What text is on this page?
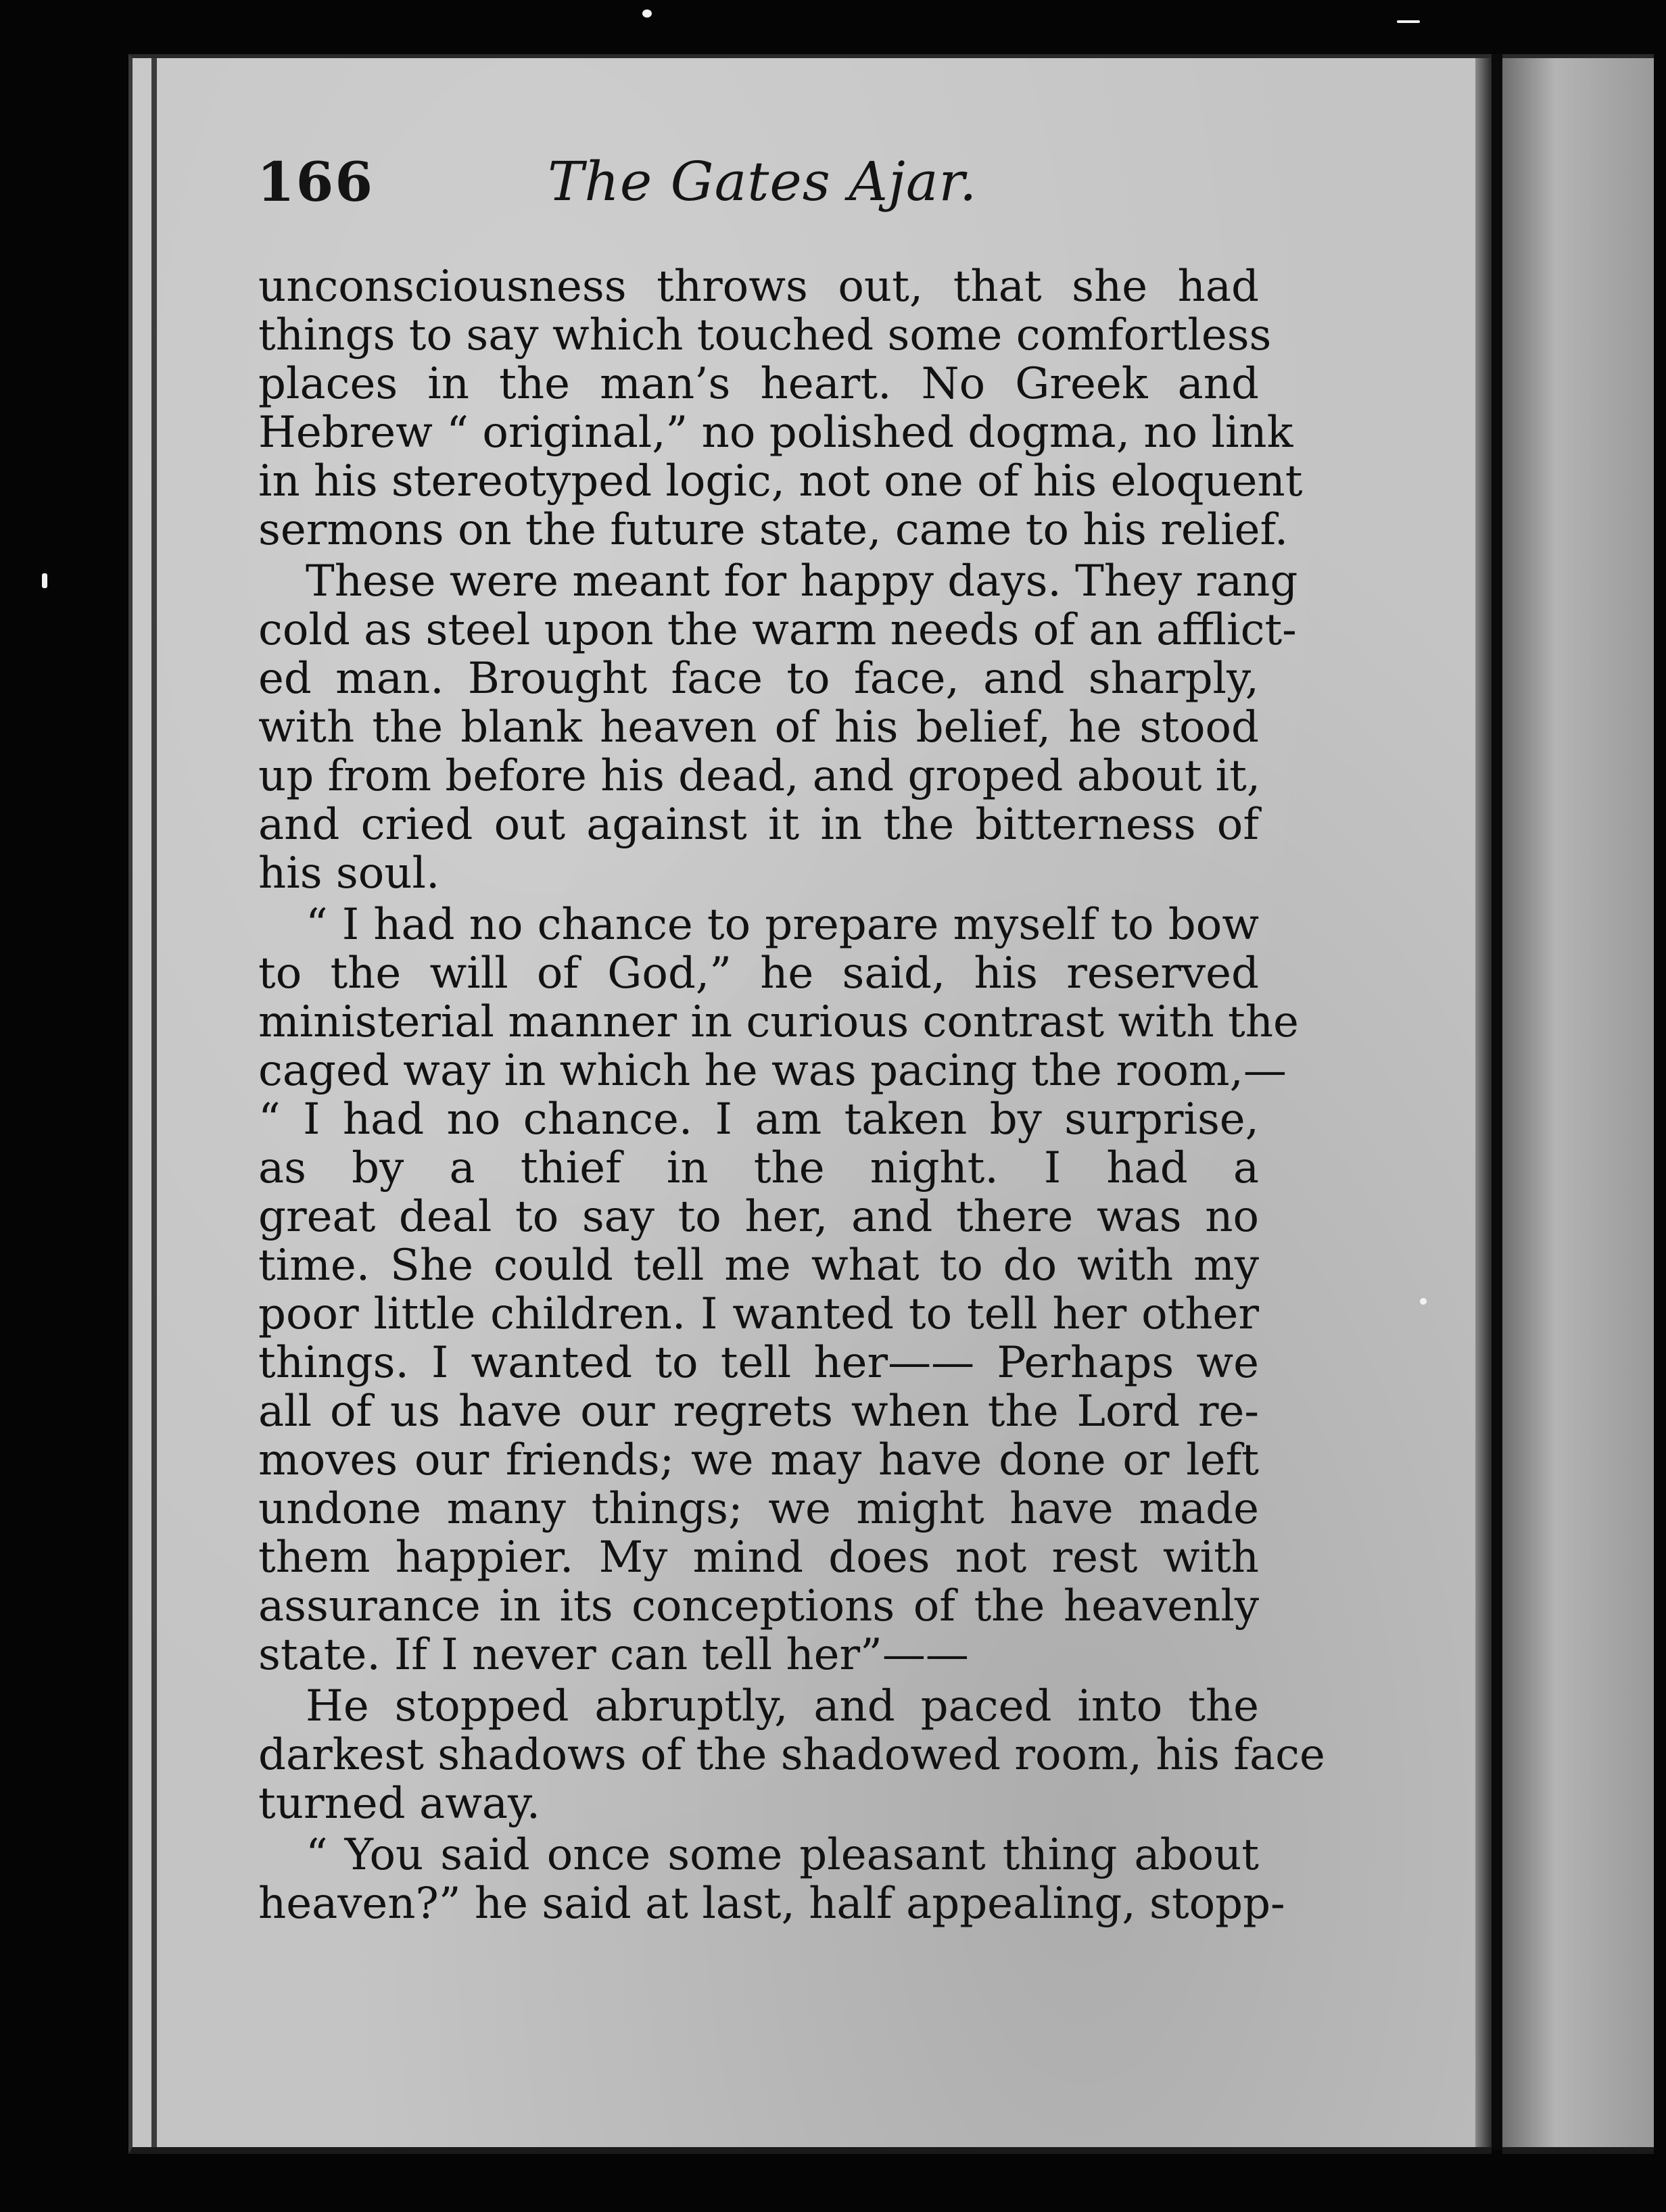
166	The Gates Ajar.
unconsciousness throws out, that she had
things to say which touched some comfortless
places in the man’s heart. No Greek and
Hebrew “ original,” no polished dogma, no link
in his stereotyped logic, not one of his eloquent
sermons on the future state, came to his relief.
These were meant for happy days. They rang
cold as steel upon the warm needs of an afflict-
ed man. Brought face to face, and sharply,
with the blank heaven of his belief, he stood
up from before his dead, and groped about it,
and cried out against it in the bitterness of
his soul.
“ I had no chance to prepare myself to bow
to the will of God,” he said, his reserved
ministerial manner in curious contrast with the
caged way in which he was pacing the room,—
“ I had no chance. I am taken by surprise,
as by a thief in the night. I had a
great deal to say to her, and there was no
time. She could tell me what to do with my
poor little children. I wanted to tell her other
things. I wanted to tell her—— Perhaps we
all of us have our regrets when the Lord re-
moves our friends; we may have done or left
undone many things; we might have made
them happier. My mind does not rest with
assurance in its conceptions of the heavenly
state. If I never can tell her”——
He stopped abruptly, and paced into the
darkest shadows of the shadowed room, his face
turned away.
“ You said once some pleasant thing about
heaven?” he said at last, half appealing, stopp-
